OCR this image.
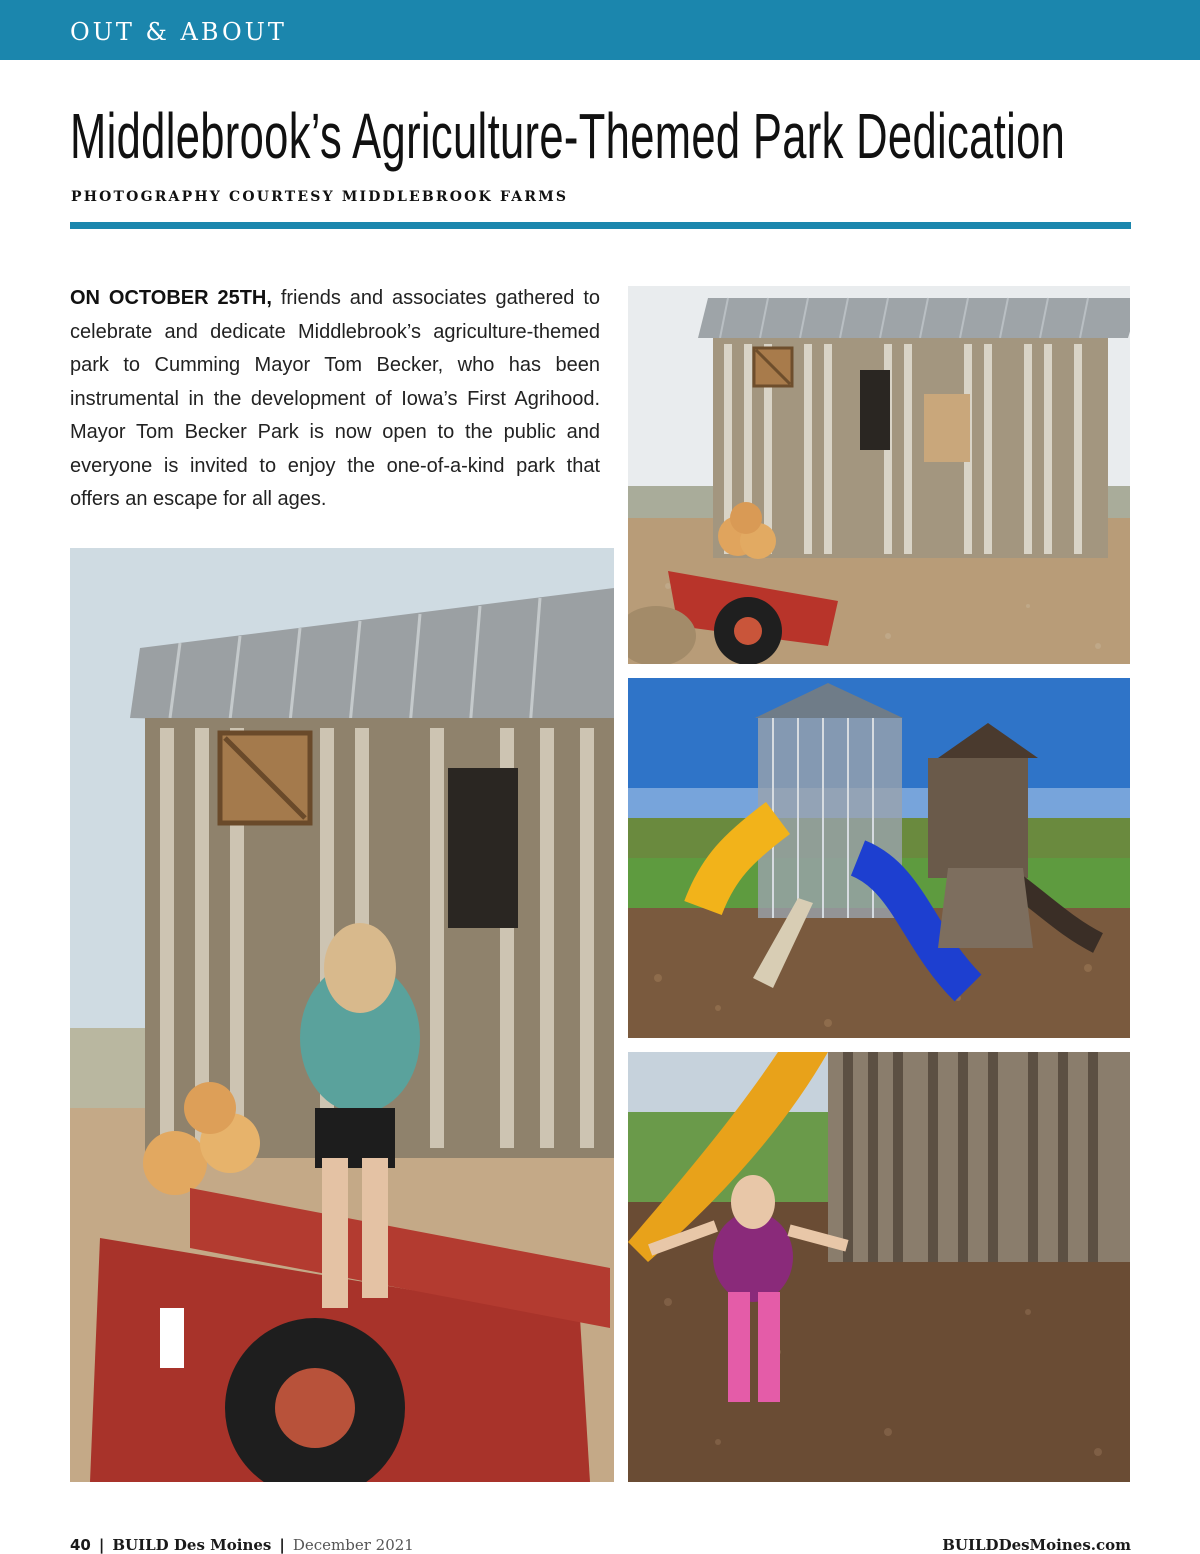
OUT & ABOUT
Middlebrook’s Agriculture-Themed Park Dedication
PHOTOGRAPHY COURTESY MIDDLEBROOK FARMS

ON OCTOBER 25TH, friends and associates gathered to celebrate and dedicate Middlebrook’s agriculture-themed park to Cumming Mayor Tom Becker, who has been instrumental in the development of Iowa’s First Agrihood. Mayor Tom Becker Park is now open to the public and everyone is invited to enjoy the one-of-a-kind park that offers an escape for all ages.

40 | BUILD Des Moines | December 2021	BUILDDesMoines.com
